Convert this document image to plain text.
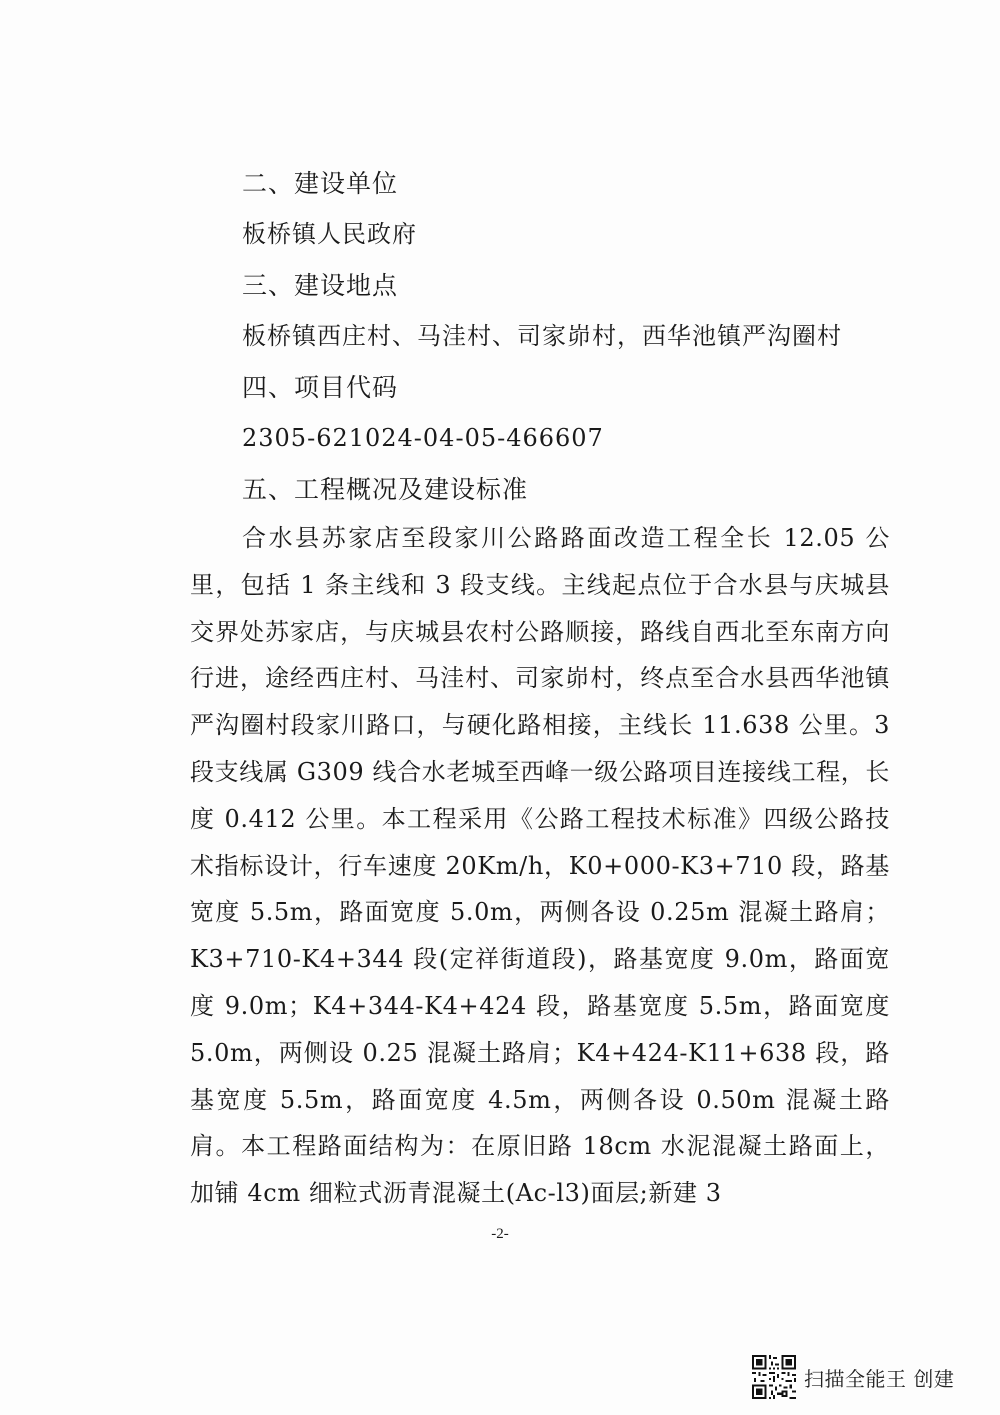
二、建设单位
板桥镇人民政府
三、建设地点
板桥镇西庄村、马洼村、司家峁村，西华池镇严沟圈村
四、项目代码
2305-621024-04-05-466607
五、工程概况及建设标准

合水县苏家店至段家川公路路面改造工程全长 12.05 公里，包括 1 条主线和 3 段支线。主线起点位于合水县与庆城县交界处苏家店，与庆城县农村公路顺接，路线自西北至东南方向行进，途经西庄村、马洼村、司家峁村，终点至合水县西华池镇严沟圈村段家川路口，与硬化路相接，主线长 11.638 公里。3 段支线属 G309 线合水老城至西峰一级公路项目连接线工程，长度 0.412 公里。本工程采用《公路工程技术标准》四级公路技术指标设计，行车速度 20Km/h，K0+000-K3+710 段，路基宽度 5.5m，路面宽度 5.0m，两侧各设 0.25m 混凝土路肩；K3+710-K4+344 段(定祥街道段)，路基宽度 9.0m，路面宽度 9.0m；K4+344-K4+424 段，路基宽度 5.5m，路面宽度 5.0m，两侧设 0.25 混凝土路肩；K4+424-K11+638 段，路基宽度 5.5m，路面宽度 4.5m，两侧各设 0.50m 混凝土路肩。本工程路面结构为：在原旧路 18cm 水泥混凝土路面上，加铺 4cm 细粒式沥青混凝土(Ac-l3)面层;新建 3

-2-
扫描全能王 创建
